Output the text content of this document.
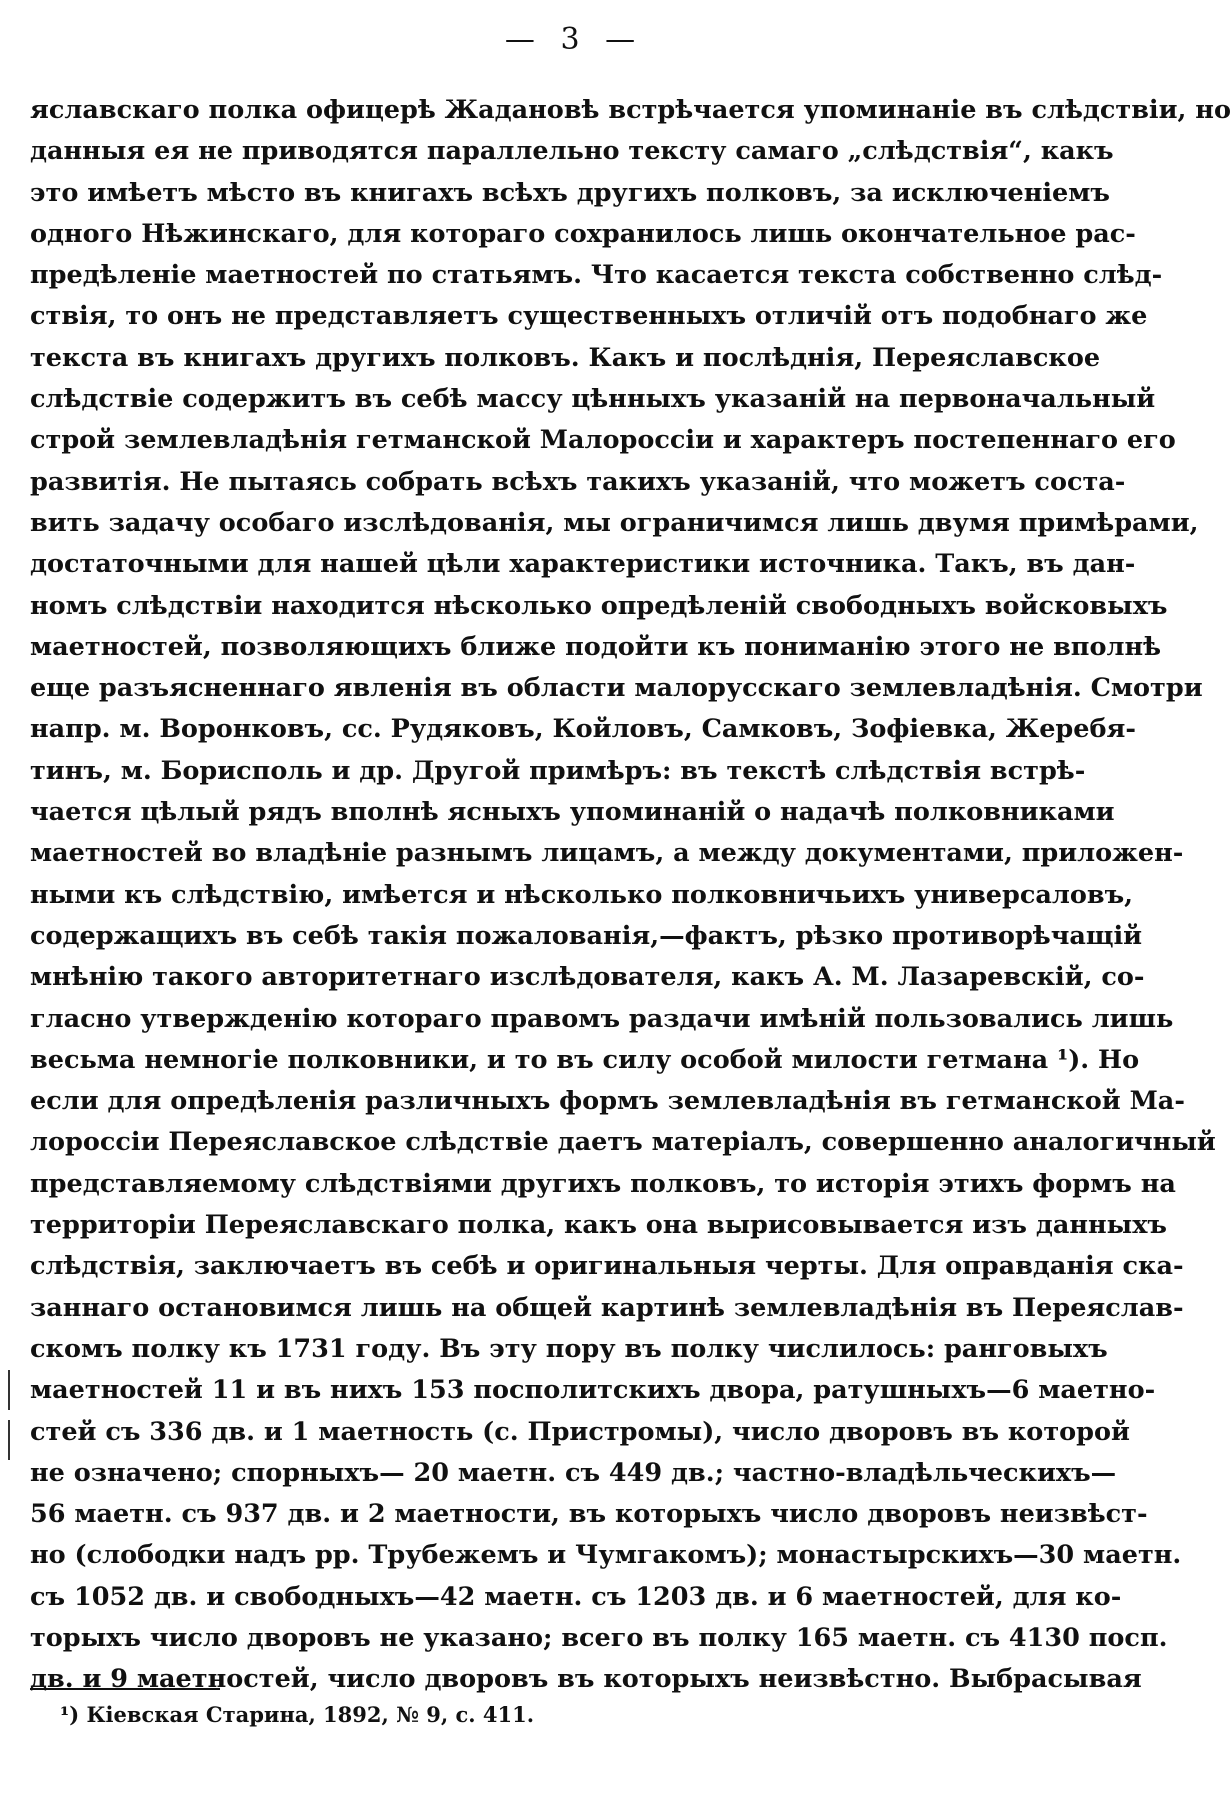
— 3 —
яславскаго полка офицерѣ Жадановѣ встрѣчается упоминаніе въ слѣдствіи, но
данныя ея не приводятся параллельно тексту самаго „слѣдствія“, какъ
это имѣетъ мѣсто въ книгахъ всѣхъ другихъ полковъ, за исключеніемъ
одного Нѣжинскаго, для котораго сохранилось лишь окончательное рас-
предѣленіе маетностей по статьямъ. Что касается текста собственно слѣд-
ствія, то онъ не представляетъ существенныхъ отличій отъ подобнаго же
текста въ книгахъ другихъ полковъ. Какъ и послѣднія, Переяславское
слѣдствіе содержитъ въ себѣ массу цѣнныхъ указаній на первоначальный
строй землевладѣнія гетманской Малороссіи и характеръ постепеннаго его
развитія. Не пытаясь собрать всѣхъ такихъ указаній, что можетъ соста-
вить задачу особаго изслѣдованія, мы ограничимся лишь двумя примѣрами,
достаточными для нашей цѣли характеристики источника. Такъ, въ дан-
номъ слѣдствіи находится нѣсколько опредѣленій свободныхъ войсковыхъ
маетностей, позволяющихъ ближе подойти къ пониманію этого не вполнѣ
еще разъясненнаго явленія въ области малорусскаго землевладѣнія. Смотри
напр. м. Воронковъ, сс. Рудяковъ, Койловъ, Самковъ, Зофіевка, Жеребя-
тинъ, м. Борисполь и др. Другой примѣръ: въ текстѣ слѣдствія встрѣ-
чается цѣлый рядъ вполнѣ ясныхъ упоминаній о надачѣ полковниками
маетностей во владѣніе разнымъ лицамъ, а между документами, приложен-
ными къ слѣдствію, имѣется и нѣсколько полковничьихъ универсаловъ,
содержащихъ въ себѣ такія пожалованія,—фактъ, рѣзко противорѣчащій
мнѣнію такого авторитетнаго изслѣдователя, какъ А. М. Лазаревскій, со-
гласно утвержденію котораго правомъ раздачи имѣній пользовались лишь
весьма немногіе полковники, и то въ силу особой милости гетмана ¹). Но
если для опредѣленія различныхъ формъ землевладѣнія въ гетманской Ма-
лороссіи Переяславское слѣдствіе даетъ матеріалъ, совершенно аналогичный
представляемому слѣдствіями другихъ полковъ, то исторія этихъ формъ на
территоріи Переяславскаго полка, какъ она вырисовывается изъ данныхъ
слѣдствія, заключаетъ въ себѣ и оригинальныя черты. Для оправданія ска-
заннаго остановимся лишь на общей картинѣ землевладѣнія въ Переяслав-
скомъ полку къ 1731 году. Въ эту пору въ полку числилось: ранговыхъ
маетностей 11 и въ нихъ 153 посполитскихъ двора, ратушныхъ—6 маетно-
стей съ 336 дв. и 1 маетность (с. Пристромы), число дворовъ въ которой
не означено; спорныхъ— 20 маетн. съ 449 дв.; частно-владѣльческихъ—
56 маетн. съ 937 дв. и 2 маетности, въ которыхъ число дворовъ неизвѣст-
но (слободки надъ рр. Трубежемъ и Чумгакомъ); монастырскихъ—30 маетн.
съ 1052 дв. и свободныхъ—42 маетн. съ 1203 дв. и 6 маетностей, для ко-
торыхъ число дворовъ не указано; всего въ полку 165 маетн. съ 4130 посп.
дв. и 9 маетностей, число дворовъ въ которыхъ неизвѣстно. Выбрасывая
¹) Кіевская Старина, 1892, № 9, с. 411.
